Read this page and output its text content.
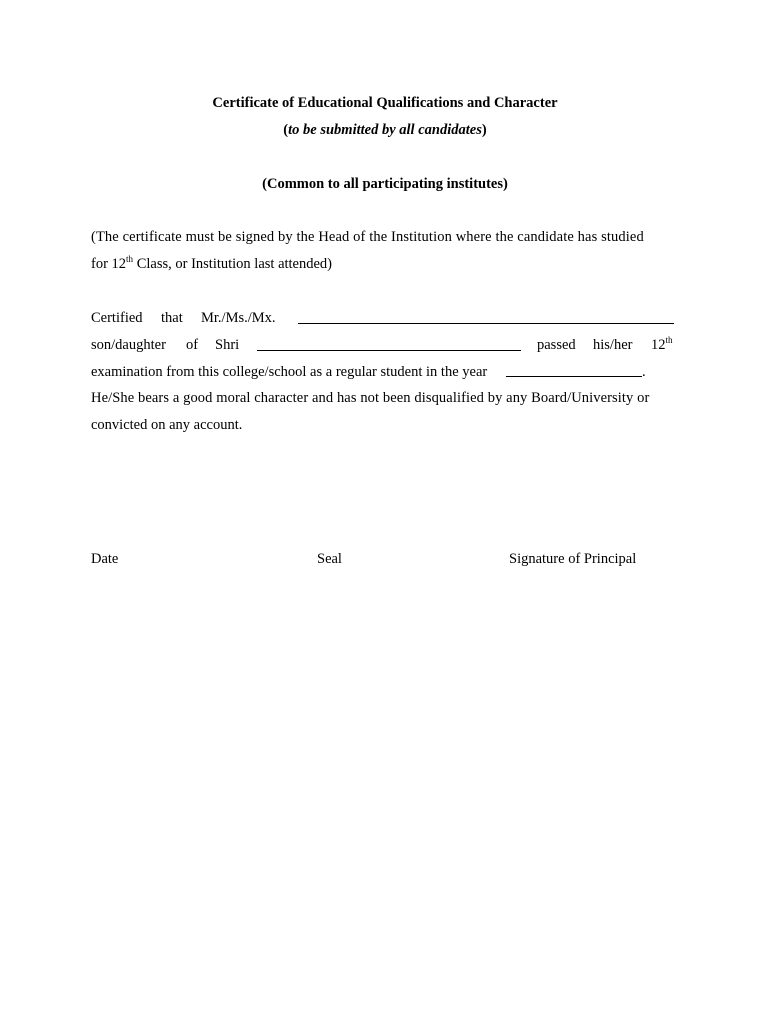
Certificate of Educational Qualifications and Character
(to be submitted by all candidates)
(Common to all participating institutes)
(The certificate must be signed by the Head of the Institution where the candidate has studied
for 12th Class, or Institution last attended)
Certified that Mr./Ms./Mx.
son/daughter of Shri	passed his/her 12th
examination from this college/school as a regular student in the year	.
He/She bears a good moral character and has not been disqualified by any Board/University or
convicted on any account.
Date	Seal	Signature of Principal
